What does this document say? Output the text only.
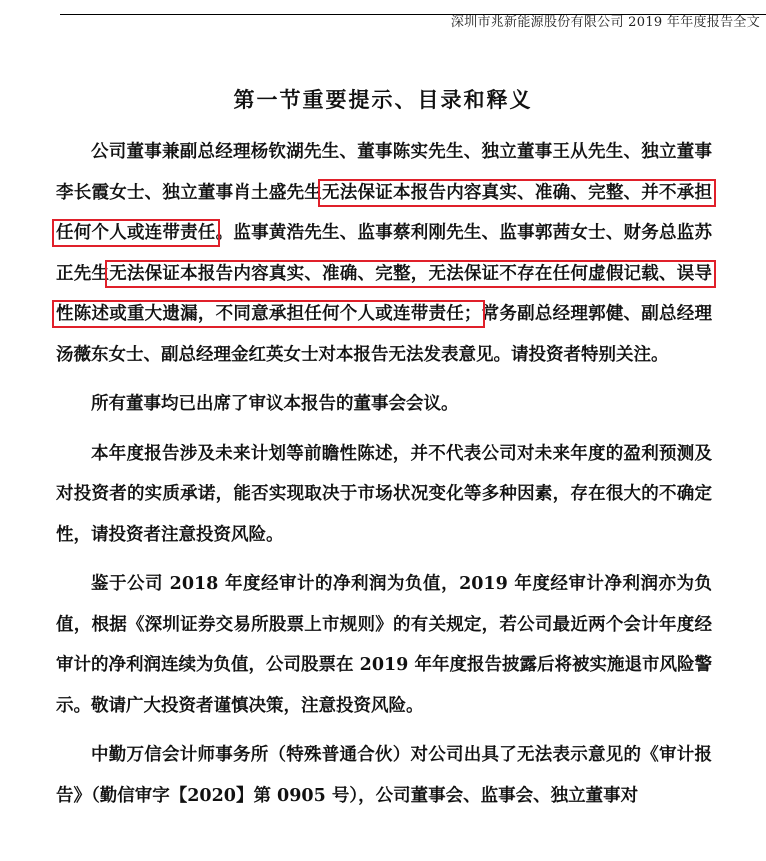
深圳市兆新能源股份有限公司 2019 年年度报告全文
第一节重要提示、目录和释义

公司董事兼副总经理杨钦湖先生、董事陈实先生、独立董事王从先生、独立董事李长霞女士、独立董事肖土盛先生无法保证本报告内容真实、准确、完整、并不承担任何个人或连带责任。监事黄浩先生、监事蔡利刚先生、监事郭茜女士、财务总监苏正先生无法保证本报告内容真实、准确、完整，无法保证不存在任何虚假记载、误导性陈述或重大遗漏，不同意承担任何个人或连带责任；常务副总经理郭健、副总经理汤薇东女士、副总经理金红英女士对本报告无法发表意见。请投资者特别关注。

所有董事均已出席了审议本报告的董事会会议。

本年度报告涉及未来计划等前瞻性陈述，并不代表公司对未来年度的盈利预测及对投资者的实质承诺，能否实现取决于市场状况变化等多种因素，存在很大的不确定性，请投资者注意投资风险。

鉴于公司 2018 年度经审计的净利润为负值，2019 年度经审计净利润亦为负值，根据《深圳证券交易所股票上市规则》的有关规定，若公司最近两个会计年度经审计的净利润连续为负值，公司股票在 2019 年年度报告披露后将被实施退市风险警示。敬请广大投资者谨慎决策，注意投资风险。

中勤万信会计师事务所（特殊普通合伙）对公司出具了无法表示意见的《审计报告》（勤信审字【2020】第 0905 号），公司董事会、监事会、独立董事对
